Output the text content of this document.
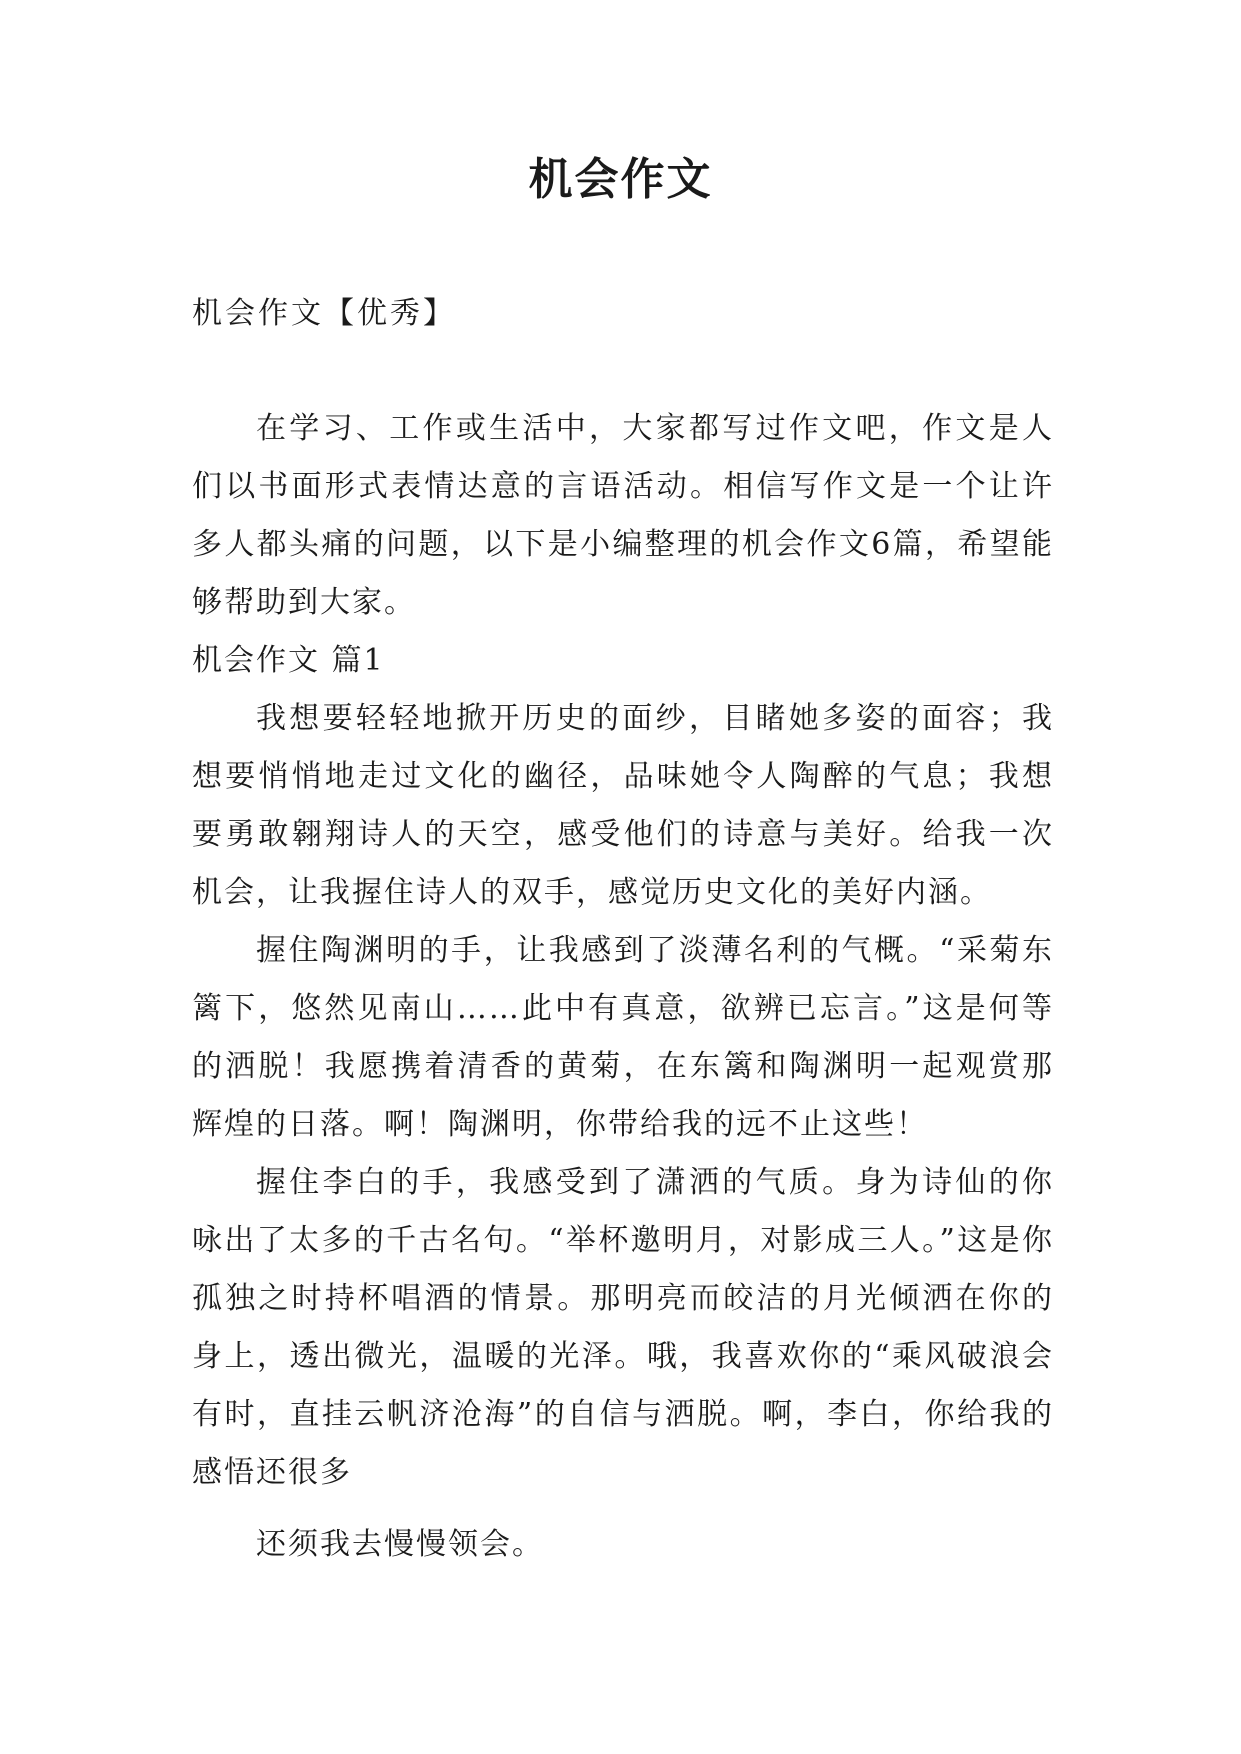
机会作文
机会作文【优秀】

在学习、工作或生活中，大家都写过作文吧，作文是人们以书面形式表情达意的言语活动。相信写作文是一个让许多人都头痛的问题，以下是小编整理的机会作文6篇，希望能够帮助到大家。

机会作文 篇1

我想要轻轻地掀开历史的面纱，目睹她多姿的面容；我想要悄悄地走过文化的幽径，品味她令人陶醉的气息；我想要勇敢翱翔诗人的天空，感受他们的诗意与美好。给我一次机会，让我握住诗人的双手，感觉历史文化的美好内涵。

握住陶渊明的手，让我感到了淡薄名利的气概。“采菊东篱下，悠然见南山……此中有真意，欲辨已忘言。”这是何等的洒脱！我愿携着清香的黄菊，在东篱和陶渊明一起观赏那辉煌的日落。啊！陶渊明，你带给我的远不止这些！

握住李白的手，我感受到了潇洒的气质。身为诗仙的你咏出了太多的千古名句。“举杯邀明月，对影成三人。”这是你孤独之时持杯唱酒的情景。那明亮而皎洁的月光倾洒在你的身上，透出微光，温暖的光泽。哦，我喜欢你的“乘风破浪会有时，直挂云帆济沧海”的自信与洒脱。啊，李白，你给我的感悟还很多

还须我去慢慢领会。
